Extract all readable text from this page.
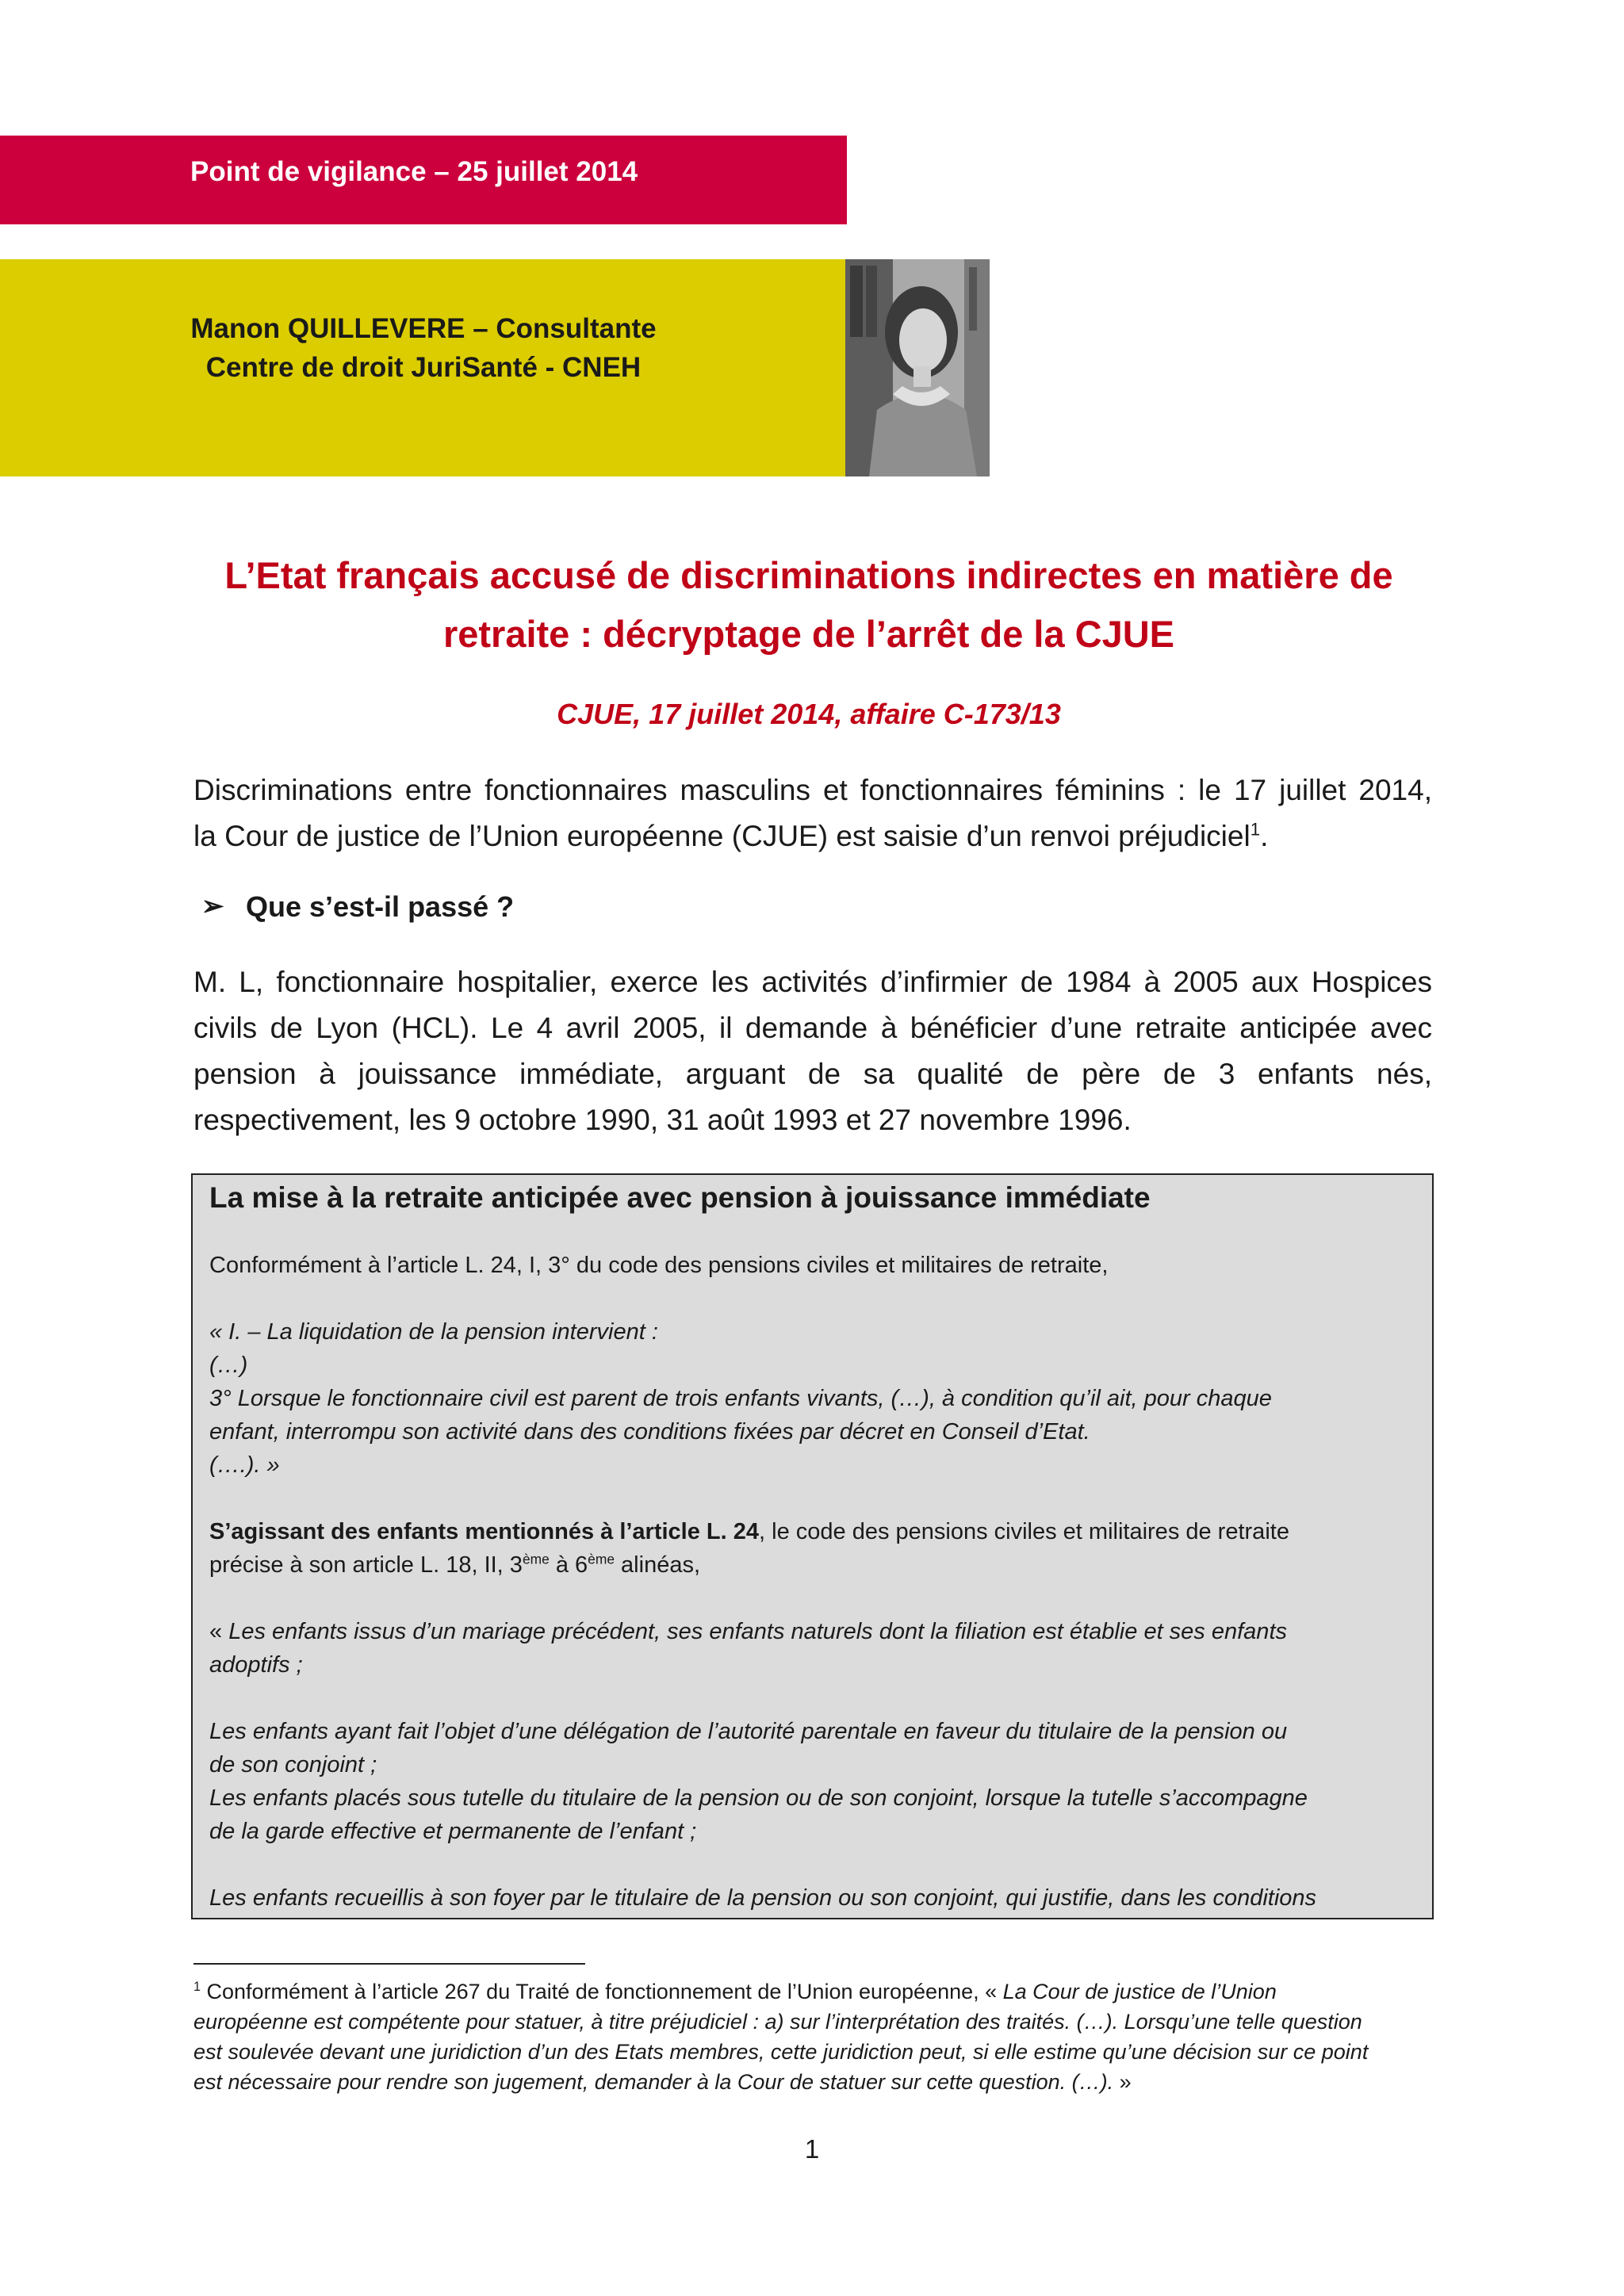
Point de vigilance – 25 juillet 2014
Manon QUILLEVERE – Consultante
Centre de droit JuriSanté - CNEH
L’Etat français accusé de discriminations indirectes en matière de
retraite : décryptage de l’arrêt de la CJUE
CJUE, 17 juillet 2014, affaire C-173/13
Discriminations entre fonctionnaires masculins et fonctionnaires féminins : le 17 juillet 2014,
la Cour de justice de l’Union européenne (CJUE) est saisie d’un renvoi préjudiciel$^1$.
➢ Que s’est-il passé ?
M. L, fonctionnaire hospitalier, exerce les activités d’infirmier de 1984 à 2005 aux Hospices
civils de Lyon (HCL). Le 4 avril 2005, il demande à bénéficier d’une retraite anticipée avec
pension à jouissance immédiate, arguant de sa qualité de père de 3 enfants nés,
respectivement, les 9 octobre 1990, 31 août 1993 et 27 novembre 1996.
La mise à la retraite anticipée avec pension à jouissance immédiate
Conformément à l’article L. 24, I, 3° du code des pensions civiles et militaires de retraite,
« I. – La liquidation de la pension intervient :
(…)
3° Lorsque le fonctionnaire civil est parent de trois enfants vivants, (…), à condition qu’il ait, pour chaque
enfant, interrompu son activité dans des conditions fixées par décret en Conseil d’Etat.
(….). »
S’agissant des enfants mentionnés à l’article L. 24, le code des pensions civiles et militaires de retraite
précise à son article L. 18, II, 3ème à 6ème alinéas,
« Les enfants issus d’un mariage précédent, ses enfants naturels dont la filiation est établie et ses enfants
adoptifs ;
Les enfants ayant fait l’objet d’une délégation de l’autorité parentale en faveur du titulaire de la pension ou
de son conjoint ;
Les enfants placés sous tutelle du titulaire de la pension ou de son conjoint, lorsque la tutelle s’accompagne
de la garde effective et permanente de l’enfant ;
Les enfants recueillis à son foyer par le titulaire de la pension ou son conjoint, qui justifie, dans les conditions
$^1$ Conformément à l’article 267 du Traité de fonctionnement de l’Union européenne, « La Cour de justice de l’Union
européenne est compétente pour statuer, à titre préjudiciel : a) sur l’interprétation des traités. (…). Lorsqu’une telle question
est soulevée devant une juridiction d’un des Etats membres, cette juridiction peut, si elle estime qu’une décision sur ce point
est nécessaire pour rendre son jugement, demander à la Cour de statuer sur cette question. (…). »
1
